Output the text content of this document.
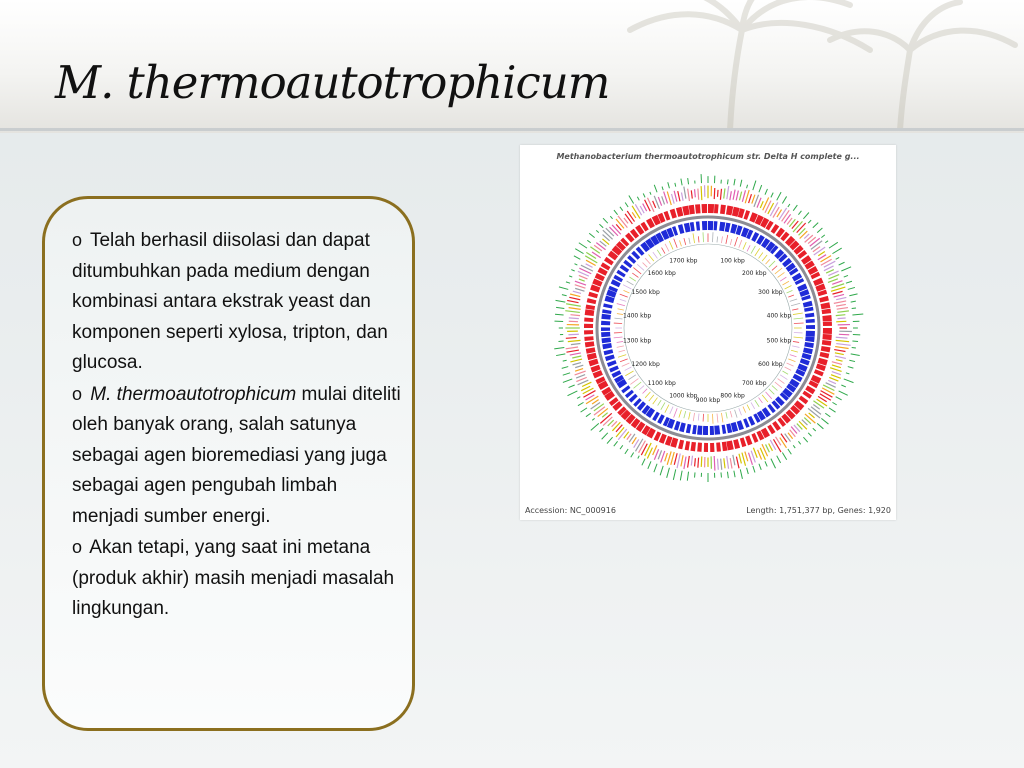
M. thermoautotrophicum
o Telah berhasil diisolasi dan dapat ditumbuhkan pada medium dengan kombinasi antara ekstrak yeast dan komponen seperti xylosa, tripton, dan glucosa.
o M. thermoautotrophicum mulai diteliti oleh banyak orang, salah satunya sebagai agen bioremediasi yang juga sebagai agen pengubah limbah menjadi sumber energi.
o Akan tetapi, yang saat ini metana (produk akhir) masih menjadi masalah lingkungan.
Methanobacterium thermoautotrophicum str. Delta H complete g...
100 kbp
200 kbp
300 kbp
400 kbp
500 kbp
600 kbp
700 kbp
800 kbp
900 kbp
1000 kbp
1100 kbp
1200 kbp
1300 kbp
1400 kbp
1500 kbp
1600 kbp
1700 kbp
Accession: NC_000916	Length: 1,751,377 bp, Genes: 1,920
